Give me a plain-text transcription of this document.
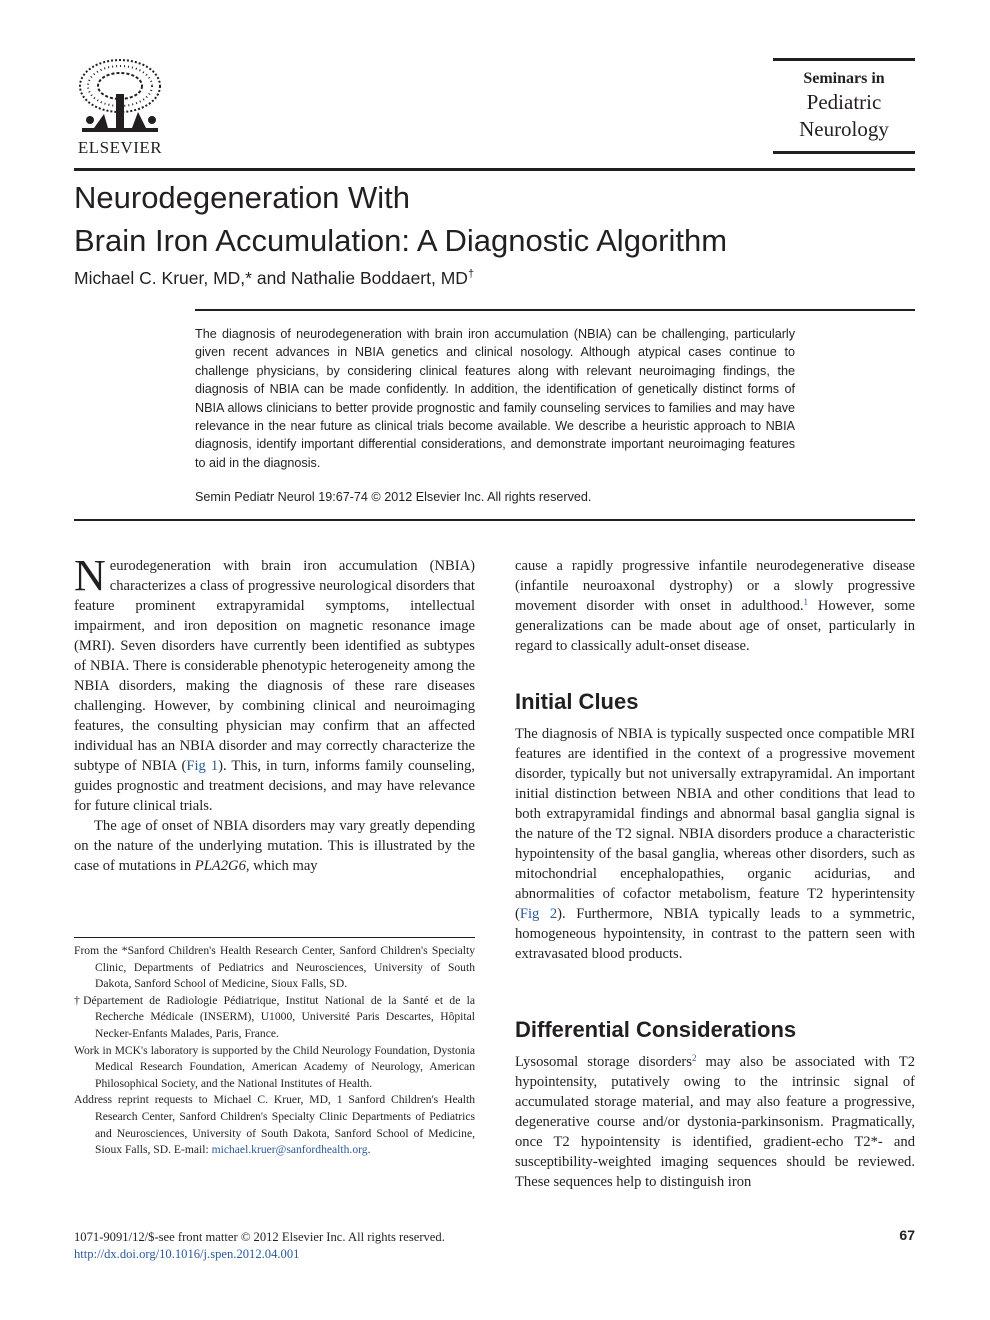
ELSEVIER
Seminars in
Pediatric
Neurology
Neurodegeneration With
Brain Iron Accumulation: A Diagnostic Algorithm
Michael C. Kruer, MD,* and Nathalie Boddaert, MD†
The diagnosis of neurodegeneration with brain iron accumulation (NBIA) can be challenging, particularly given recent advances in NBIA genetics and clinical nosology. Although atypical cases continue to challenge physicians, by considering clinical features along with relevant neuroimaging findings, the diagnosis of NBIA can be made confidently. In addition, the identification of genetically distinct forms of NBIA allows clinicians to better provide prognostic and family counseling services to families and may have relevance in the near future as clinical trials become available. We describe a heuristic approach to NBIA diagnosis, identify important differential considerations, and demonstrate important neuroimaging features to aid in the diagnosis.
Semin Pediatr Neurol 19:67-74 © 2012 Elsevier Inc. All rights reserved.

Neurodegeneration with brain iron accumulation (NBIA) characterizes a class of progressive neurological disorders that feature prominent extrapyramidal symptoms, intellectual impairment, and iron deposition on magnetic resonance image (MRI). Seven disorders have currently been identified as subtypes of NBIA. There is considerable phenotypic heterogeneity among the NBIA disorders, making the diagnosis of these rare diseases challenging. However, by combining clinical and neuroimaging features, the consulting physician may confirm that an affected individual has an NBIA disorder and may correctly characterize the subtype of NBIA (Fig 1). This, in turn, informs family counseling, guides prognostic and treatment decisions, and may have relevance for future clinical trials.

The age of onset of NBIA disorders may vary greatly depending on the nature of the underlying mutation. This is illustrated by the case of mutations in PLA2G6, which may

From the *Sanford Children's Health Research Center, Sanford Children's Specialty Clinic, Departments of Pediatrics and Neurosciences, University of South Dakota, Sanford School of Medicine, Sioux Falls, SD.

†Département de Radiologie Pédiatrique, Institut National de la Santé et de la Recherche Médicale (INSERM), U1000, Université Paris Descartes, Hôpital Necker-Enfants Malades, Paris, France.

Work in MCK's laboratory is supported by the Child Neurology Foundation, Dystonia Medical Research Foundation, American Academy of Neurology, American Philosophical Society, and the National Institutes of Health.

Address reprint requests to Michael C. Kruer, MD, 1 Sanford Children's Health Research Center, Sanford Children's Specialty Clinic Departments of Pediatrics and Neurosciences, University of South Dakota, Sanford School of Medicine, Sioux Falls, SD. E-mail: michael.kruer@sanfordhealth.org.

cause a rapidly progressive infantile neurodegenerative disease (infantile neuroaxonal dystrophy) or a slowly progressive movement disorder with onset in adulthood.$^1$ However, some generalizations can be made about age of onset, particularly in regard to classically adult-onset disease.

Initial Clues

The diagnosis of NBIA is typically suspected once compatible MRI features are identified in the context of a progressive movement disorder, typically but not universally extrapyramidal. An important initial distinction between NBIA and other conditions that lead to both extrapyramidal findings and abnormal basal ganglia signal is the nature of the T2 signal. NBIA disorders produce a characteristic hypointensity of the basal ganglia, whereas other disorders, such as mitochondrial encephalopathies, organic acidurias, and abnormalities of cofactor metabolism, feature T2 hyperintensity (Fig 2). Furthermore, NBIA typically leads to a symmetric, homogeneous hypointensity, in contrast to the pattern seen with extravasated blood products.

Differential Considerations

Lysosomal storage disorders$^2$ may also be associated with T2 hypointensity, putatively owing to the intrinsic signal of accumulated storage material, and may also feature a progressive, degenerative course and/or dystonia-parkinsonism. Pragmatically, once T2 hypointensity is identified, gradient-echo T2*- and susceptibility-weighted imaging sequences should be reviewed. These sequences help to distinguish iron

1071-9091/12/$-see front matter © 2012 Elsevier Inc. All rights reserved.
http://dx.doi.org/10.1016/j.spen.2012.04.001
67
